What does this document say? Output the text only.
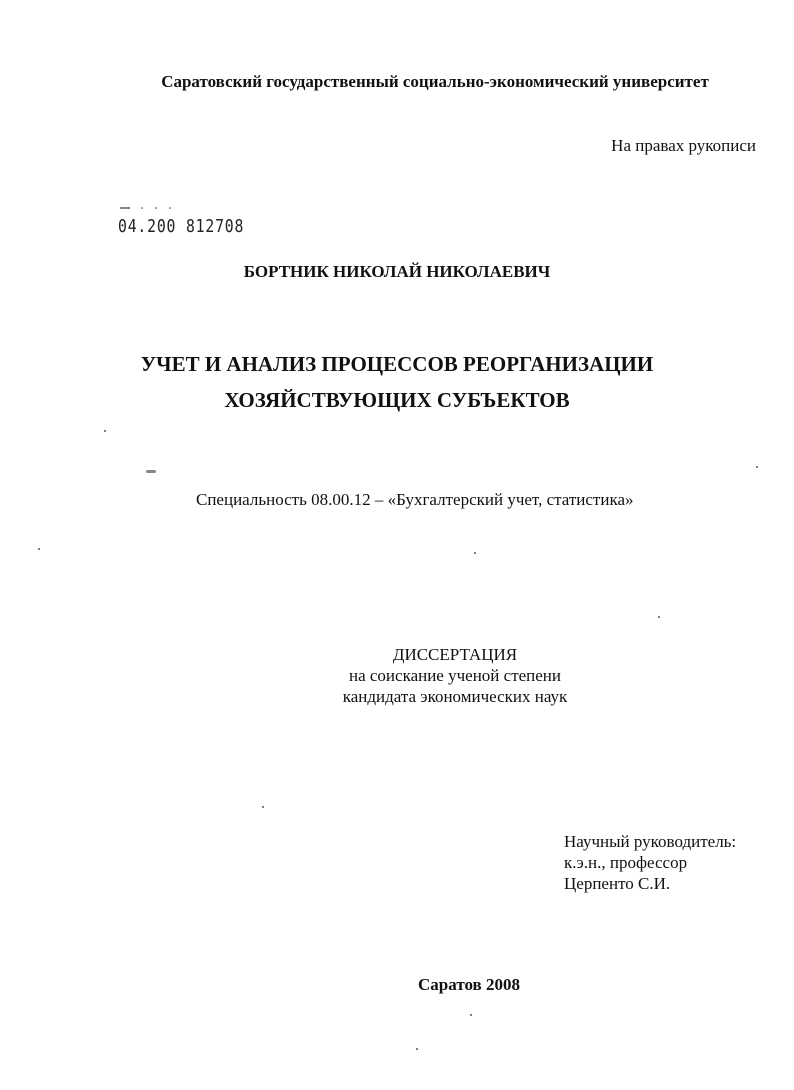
Саратовский государственный социально-экономический университет
На правах рукописи
04.200 812708
БОРТНИК НИКОЛАЙ НИКОЛАЕВИЧ
УЧЕТ И АНАЛИЗ ПРОЦЕССОВ РЕОРГАНИЗАЦИИ
ХОЗЯЙСТВУЮЩИХ СУБЪЕКТОВ
Специальность 08.00.12 – «Бухгалтерский учет, статистика»
ДИССЕРТАЦИЯ
на соискание ученой степени
кандидата экономических наук
Научный руководитель:
к.э.н., профессор
Церпенто С.И.
Саратов 2008
